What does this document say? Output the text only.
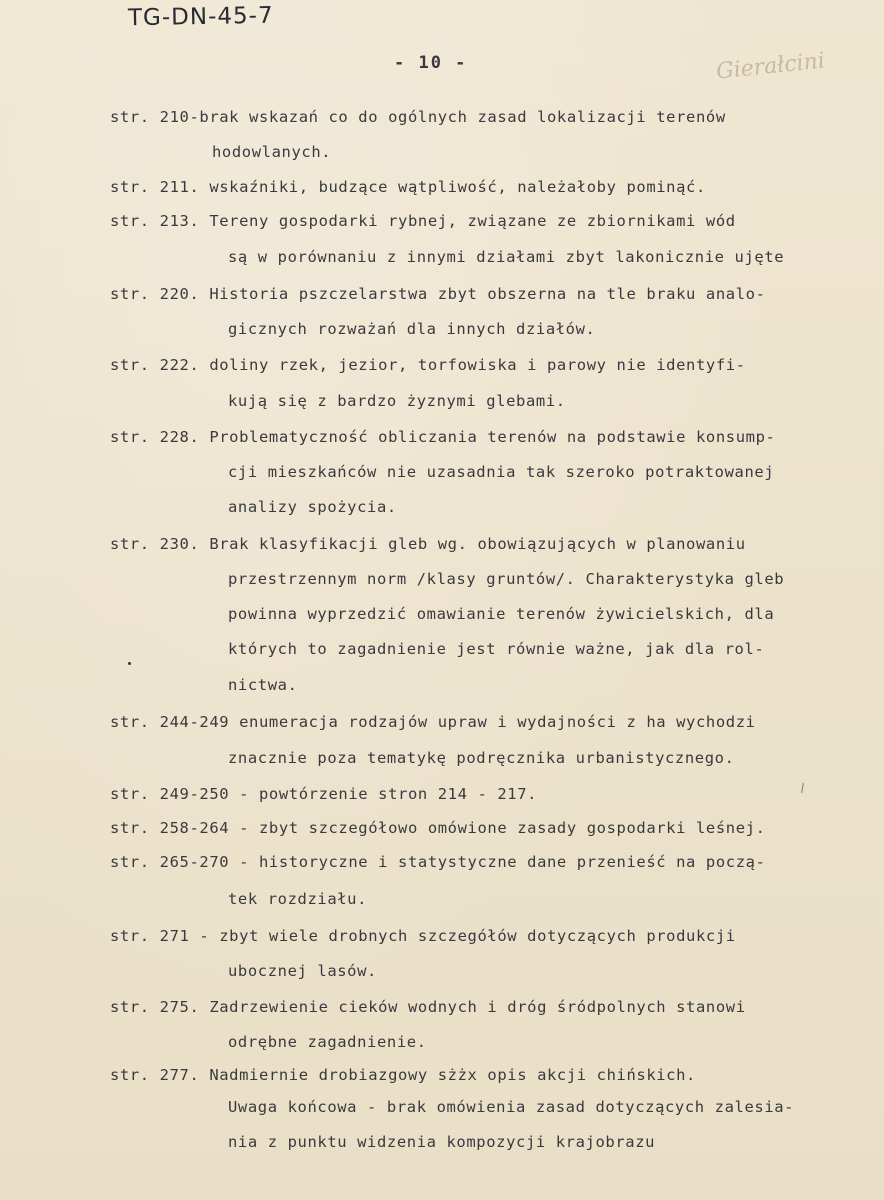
TG-DN-45-7
Gierałcini
- 10 -
str. 210-brak wskazań co do ogólnych zasad lokalizacji terenów
hodowlanych.
str. 211. wskaźniki, budzące wątpliwość, należałoby pominąć.
str. 213. Tereny gospodarki rybnej, związane ze zbiornikami wód
są w porównaniu z innymi działami zbyt lakonicznie ujęte
str. 220. Historia pszczelarstwa zbyt obszerna na tle braku analo-
gicznych rozważań dla innych działów.
str. 222. doliny rzek, jezior, torfowiska i parowy nie identyfi-
kują się z bardzo żyznymi glebami.
str. 228. Problematyczność obliczania terenów na podstawie konsump-
cji mieszkańców nie uzasadnia tak szeroko potraktowanej
analizy spożycia.
str. 230. Brak klasyfikacji gleb wg. obowiązujących w planowaniu
przestrzennym norm /klasy gruntów/. Charakterystyka gleb
powinna wyprzedzić omawianie terenów żywicielskich, dla
których to zagadnienie jest równie ważne, jak dla rol-
nictwa.
str. 244-249 enumeracja rodzajów upraw i wydajności z ha wychodzi
znacznie poza tematykę podręcznika urbanistycznego.
str. 249-250 - powtórzenie stron 214 - 217.
str. 258-264 - zbyt szczegółowo omówione zasady gospodarki leśnej.
str. 265-270 - historyczne i statystyczne dane przenieść na począ-
tek rozdziału.
str. 271 - zbyt wiele drobnych szczegółów dotyczących produkcji
ubocznej lasów.
str. 275. Zadrzewienie cieków wodnych i dróg śródpolnych stanowi
odrębne zagadnienie.
str. 277. Nadmiernie drobiazgowy sżżx opis akcji chińskich.
Uwaga końcowa - brak omówienia zasad dotyczących zalesia-
nia z punktu widzenia kompozycji krajobrazu
